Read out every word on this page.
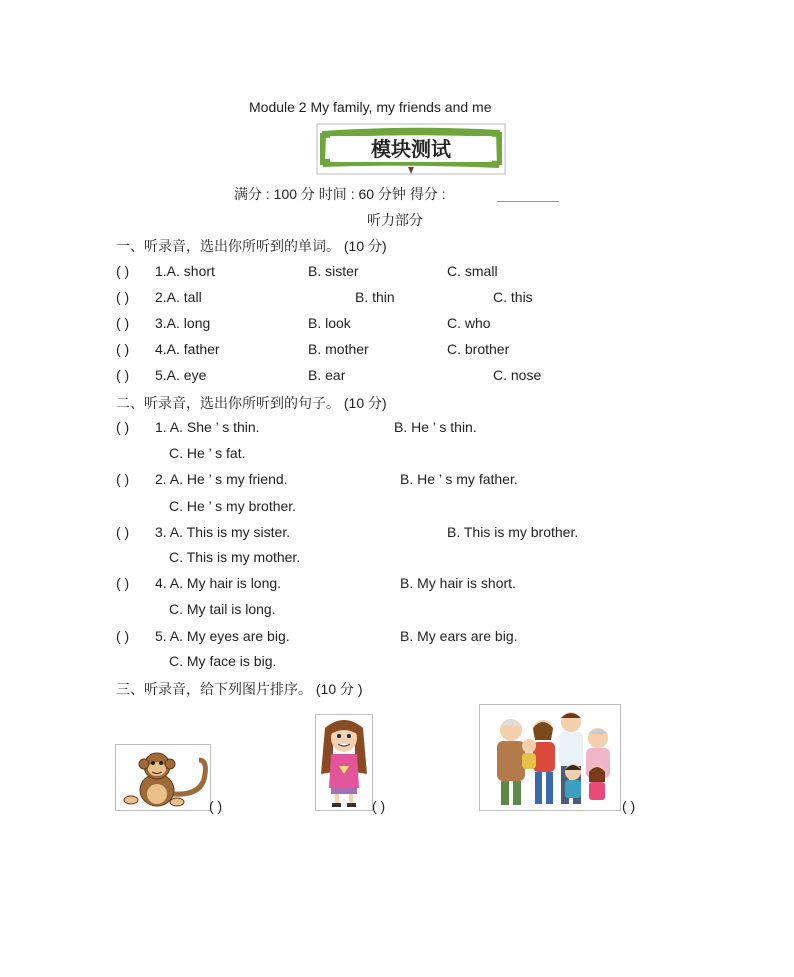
Module 2 My family, my friends and me
模块测试
满分 : 100 分 时间 : 60 分钟 得分 :
听力部分
一、听录音，选出你所听到的单词。 (10 分)
( ) 1.A. short	B. sister	C. small
( ) 2.A. tall	B. thin	C. this
( ) 3.A. long	B. look	C. who
( ) 4.A. father	B. mother	C. brother
( ) 5.A. eye	B. ear	C. nose
二、听录音，选出你所听到的句子。 (10 分)
( ) 1. A. She ’ s thin.	B. He ’ s thin.
C. He ’ s fat.
( ) 2. A. He ’ s my friend.	B. He ’ s my father.
C. He ’ s my brother.
( ) 3. A. This is my sister.	B. This is my brother.
C. This is my mother.
( ) 4. A. My hair is long.	B. My hair is short.
C. My tail is long.
( ) 5. A. My eyes are big.	B. My ears are big.
C. My face is big.
三、听录音，给下列图片排序。 (10 分 )
( )	( )	( )
